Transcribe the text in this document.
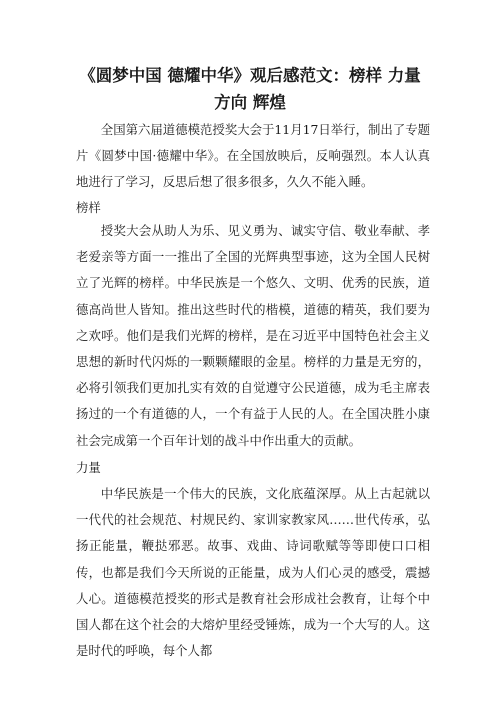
《圆梦中国 德耀中华》观后感范文：榜样 力量 方向 辉煌

全国第六届道德模范授奖大会于11月17日举行，制出了专题片《圆梦中国·德耀中华》。在全国放映后，反响强烈。本人认真地进行了学习，反思后想了很多很多，久久不能入睡。

榜样

授奖大会从助人为乐、见义勇为、诚实守信、敬业奉献、孝老爱亲等方面一一推出了全国的光辉典型事迹，这为全国人民树立了光辉的榜样。中华民族是一个悠久、文明、优秀的民族，道德高尚世人皆知。推出这些时代的楷模，道德的精英，我们要为之欢呼。他们是我们光辉的榜样，是在习近平中国特色社会主义思想的新时代闪烁的一颗颗耀眼的金星。榜样的力量是无穷的，必将引领我们更加扎实有效的自觉遵守公民道德，成为毛主席表扬过的一个有道德的人，一个有益于人民的人。在全国决胜小康社会完成第一个百年计划的战斗中作出重大的贡献。

力量

中华民族是一个伟大的民族，文化底蕴深厚。从上古起就以一代代的社会规范、村规民约、家训家教家风……世代传承，弘扬正能量，鞭挞邪恶。故事、戏曲、诗词歌赋等等即使口口相传，也都是我们今天所说的正能量，成为人们心灵的感受，震撼人心。道德模范授奖的形式是教育社会形成社会教育，让每个中国人都在这个社会的大熔炉里经受锤炼，成为一个大写的人。这是时代的呼唤，每个人都
